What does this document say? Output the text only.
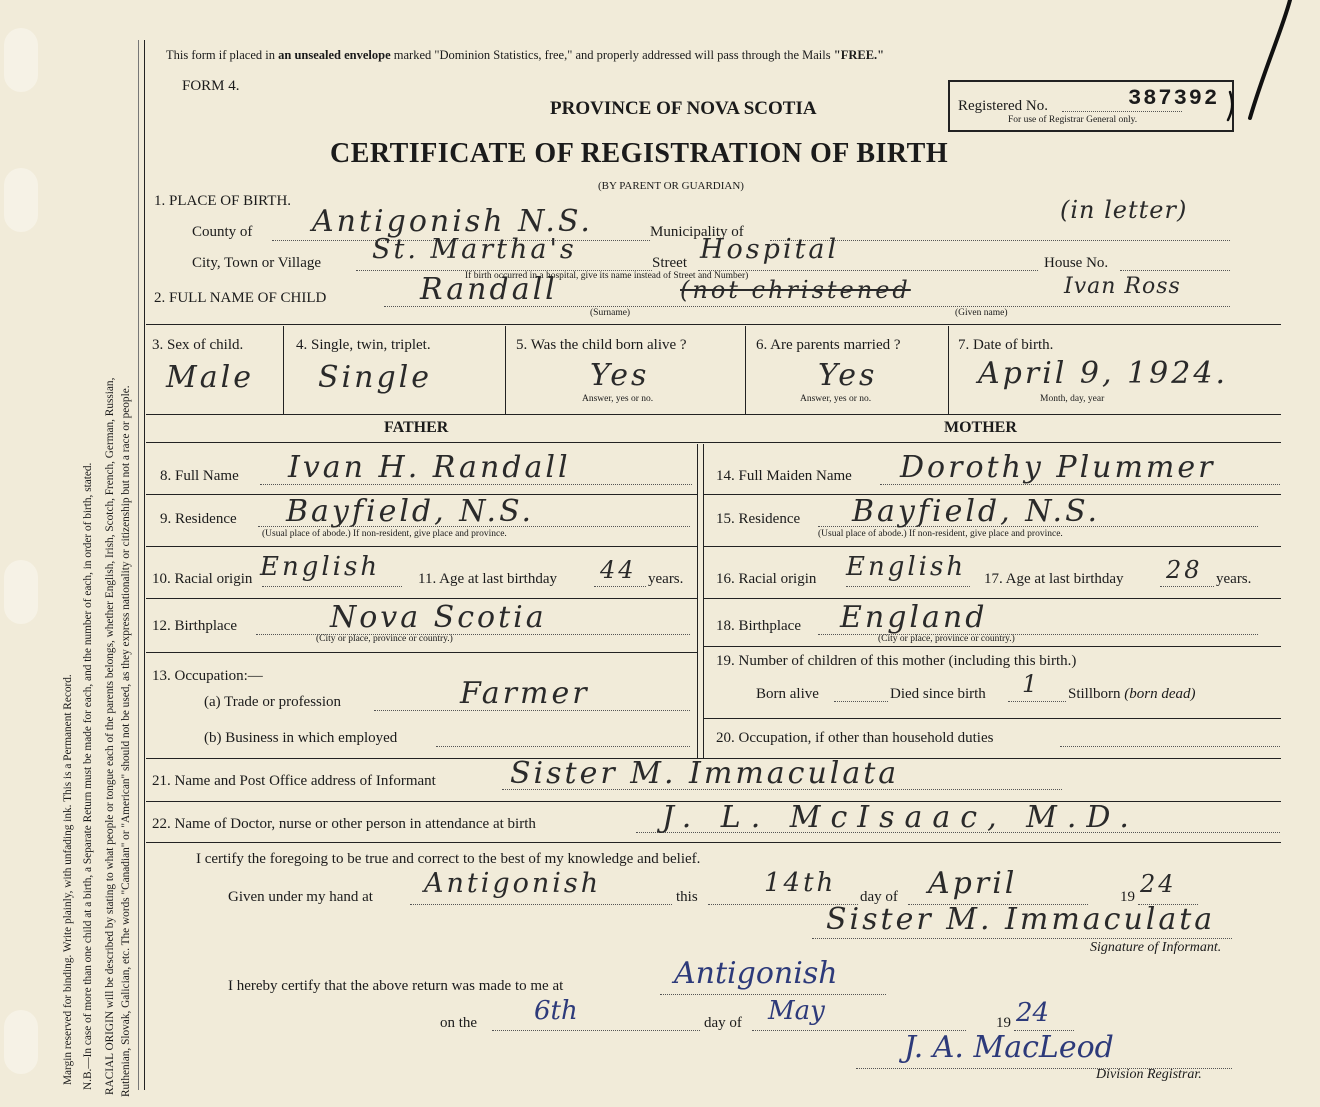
Margin reserved for binding. Write plainly, with unfading ink. This is a Permanent Record. N.B.—In case of more than one child at a birth, a Separate Return must be made for each, and the number of each, in order of birth, stated. RACIAL ORIGIN will be described by stating to what people or tongue each of the parents belongs, whether English, Irish, Scotch, French, German, Russian, Ruthenian, Slovak, Galician, etc. The words "Canadian" or "American" should not be used, as they express nationality or citizenship but not a race or people.
This form if placed in an unsealed envelope marked "Dominion Statistics, free," and properly addressed will pass through the Mails "FREE."
FORM 4.
PROVINCE OF NOVA SCOTIA	Registered No.	387392
For use of Registrar General only.
CERTIFICATE OF REGISTRATION OF BIRTH
(BY PARENT OR GUARDIAN)
1. PLACE OF BIRTH.
County of Antigonish N.S.	Municipality of
(in letter)
City, Town or Village St. Martha's	Street Hospital	House No.
If birth occurred in a hospital, give its name instead of Street and Number)
2. FULL NAME OF CHILD	Randall	(not christened	Ivan Ross
(Surname)	(Given name)
3. Sex of child.
Male
4. Single, twin, triplet.
Single
5. Was the child born alive ?
Yes
Answer, yes or no.
6. Are parents married ?
Yes
Answer, yes or no.
7. Date of birth.
April 9, 1924.
Month, day, year
FATHER	MOTHER
8. Full Name Ivan H. Randall
9. Residence Bayfield, N.S.
(Usual place of abode.) If non-resident, give place and province.
10. Racial origin English	11. Age at last birthday 44 years.
12. Birthplace	Nova Scotia
(City or place, province or country.)
13. Occupation:—
(a) Trade or profession	Farmer
(b) Business in which employed
14. Full Maiden Name Dorothy Plummer
15. Residence Bayfield, N.S.
(Usual place of abode.) If non-resident, give place and province.
16. Racial origin English 17. Age at last birthday 28 years.
18. Birthplace England
(City or place, province or country.)
19. Number of children of this mother (including this birth.)
Born alive	Died since birth 1 Stillborn (born dead)
20. Occupation, if other than household duties
21. Name and Post Office address of Informant Sister M. Immaculata
22. Name of Doctor, nurse or other person in attendance at birth	J. L. McIsaac, M.D.
I certify the foregoing to be true and correct to the best of my knowledge and belief.
Given under my hand at Antigonish	this	14th day of April	19 24
Sister M. Immaculata
Signature of Informant.
I hereby certify that the above return was made to me at	Antigonish
on the 6th	day of May	19 24
J. A. MacLeod
Division Registrar.
